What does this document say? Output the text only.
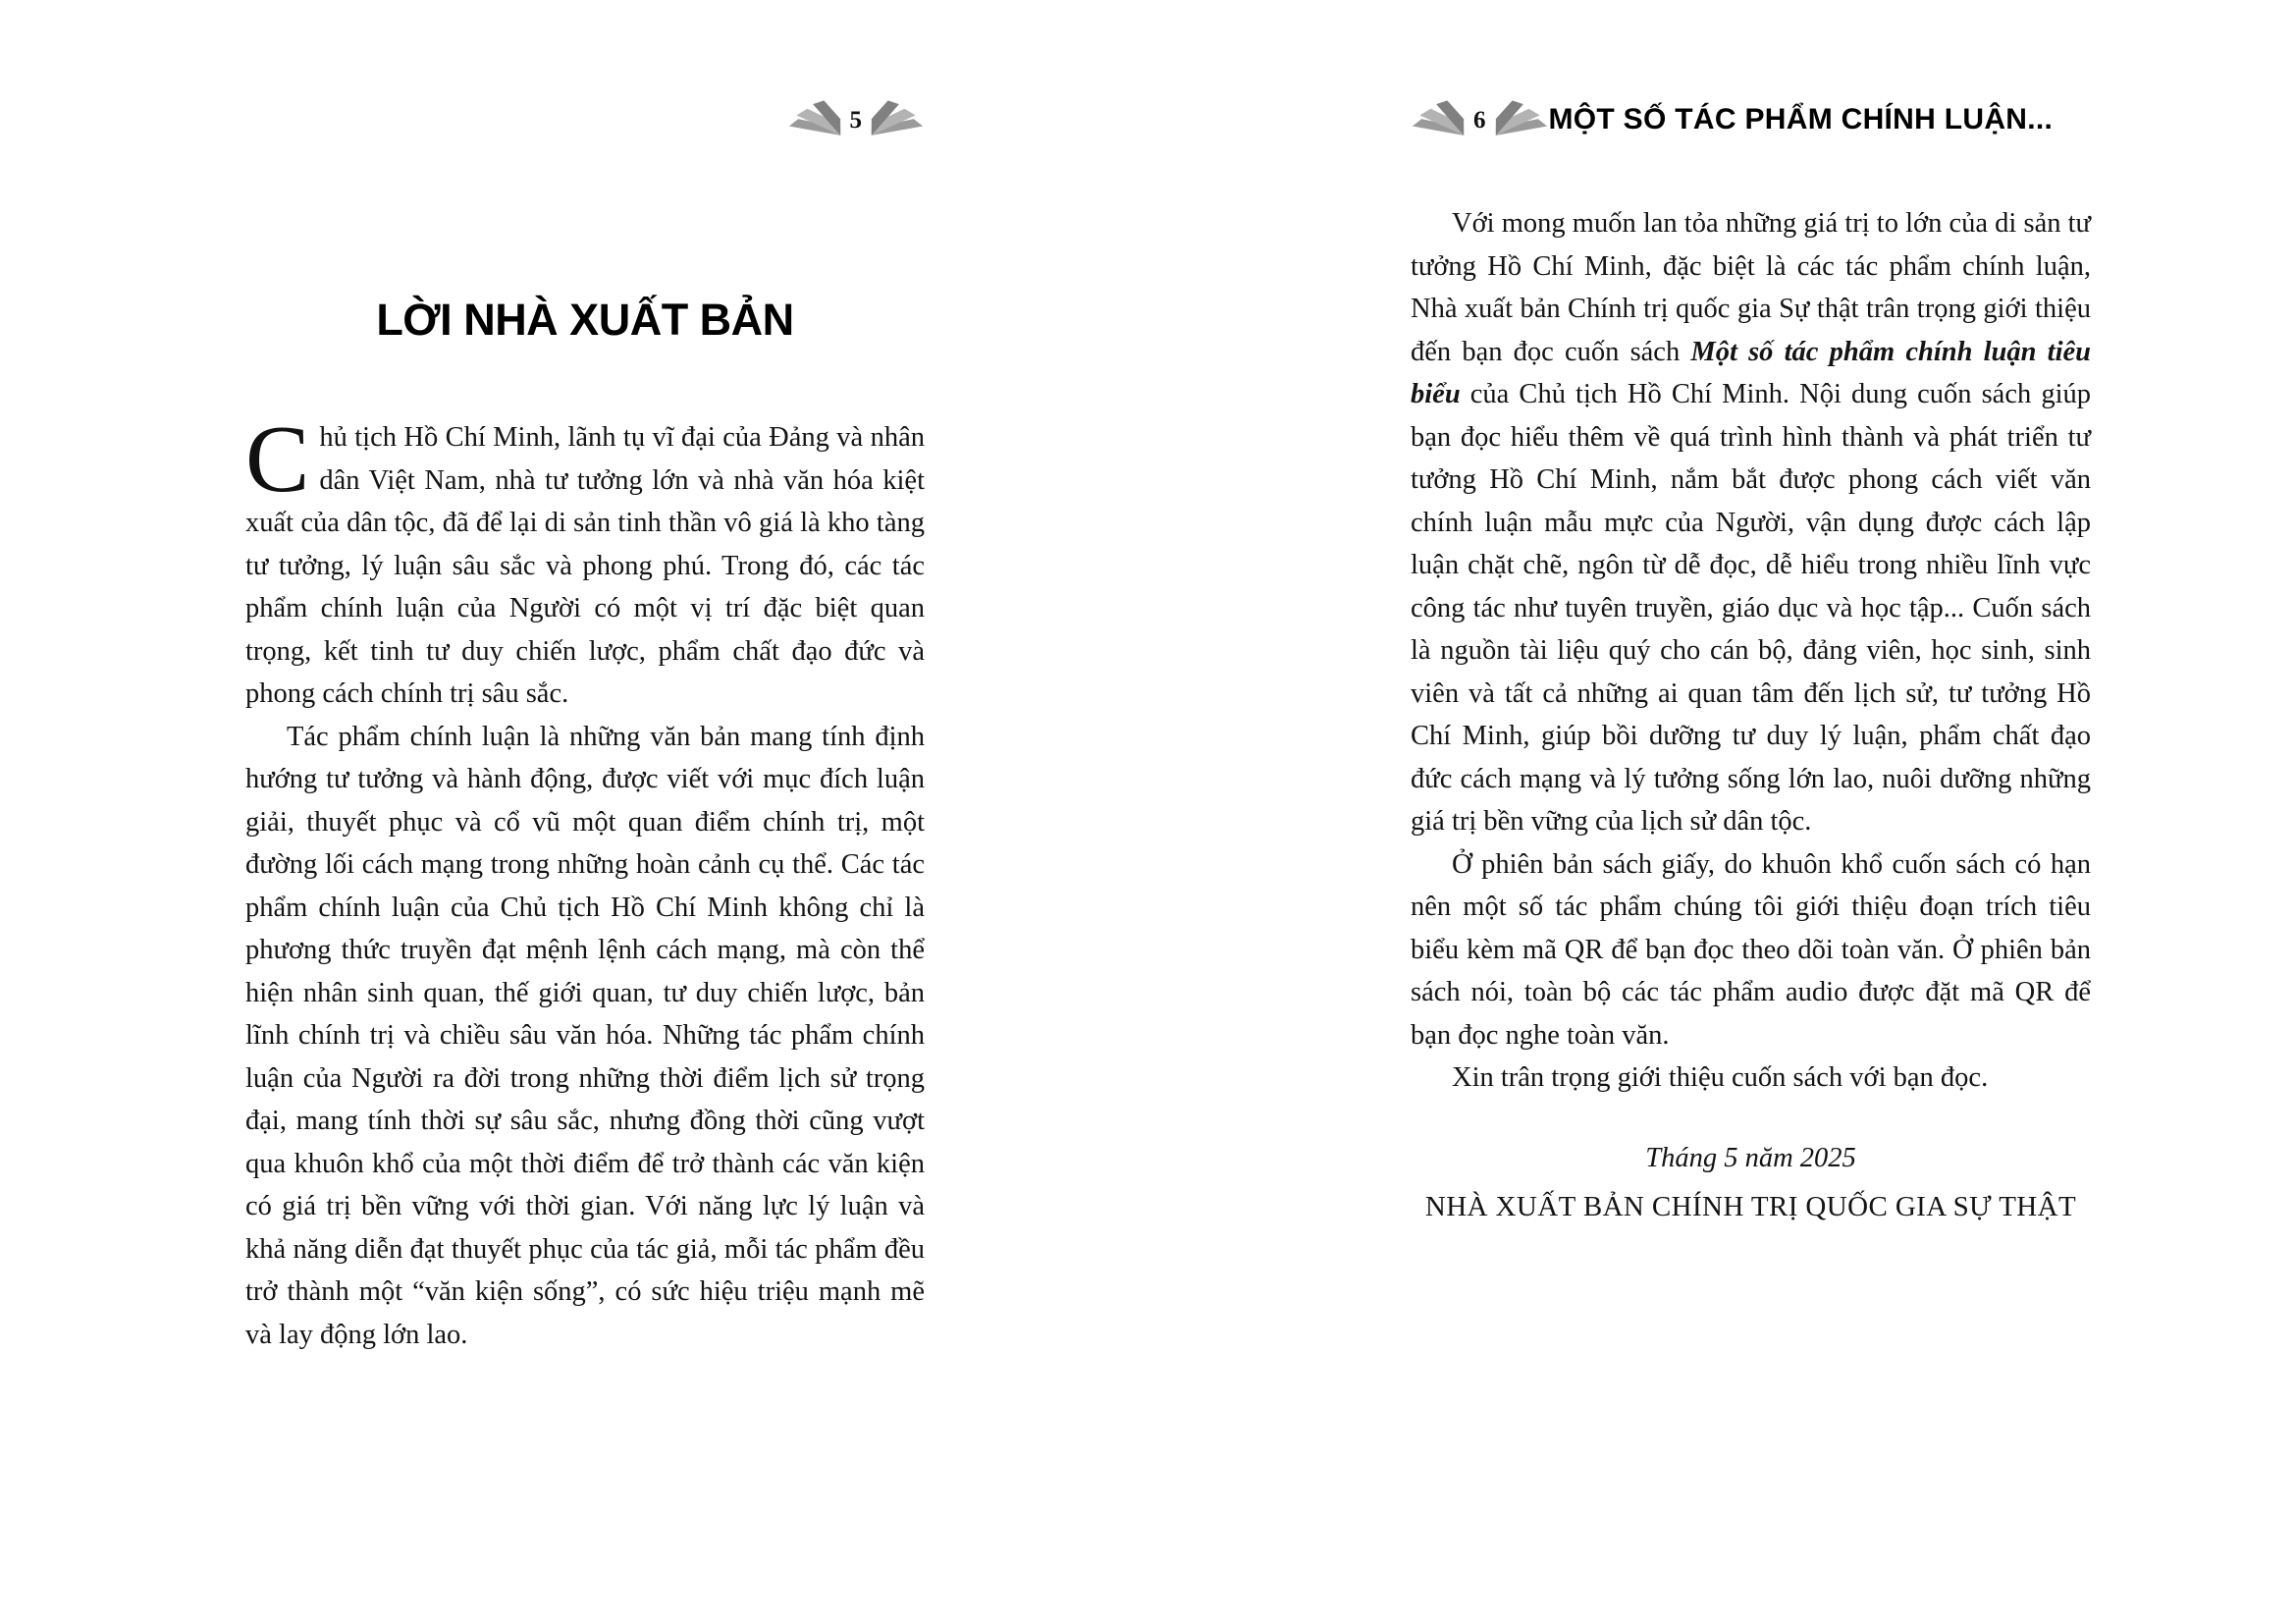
5
LỜI NHÀ XUẤT BẢN

Chủ tịch Hồ Chí Minh, lãnh tụ vĩ đại của Đảng và nhân dân Việt Nam, nhà tư tưởng lớn và nhà văn hóa kiệt xuất của dân tộc, đã để lại di sản tinh thần vô giá là kho tàng tư tưởng, lý luận sâu sắc và phong phú. Trong đó, các tác phẩm chính luận của Người có một vị trí đặc biệt quan trọng, kết tinh tư duy chiến lược, phẩm chất đạo đức và phong cách chính trị sâu sắc.

Tác phẩm chính luận là những văn bản mang tính định hướng tư tưởng và hành động, được viết với mục đích luận giải, thuyết phục và cổ vũ một quan điểm chính trị, một đường lối cách mạng trong những hoàn cảnh cụ thể. Các tác phẩm chính luận của Chủ tịch Hồ Chí Minh không chỉ là phương thức truyền đạt mệnh lệnh cách mạng, mà còn thể hiện nhân sinh quan, thế giới quan, tư duy chiến lược, bản lĩnh chính trị và chiều sâu văn hóa. Những tác phẩm chính luận của Người ra đời trong những thời điểm lịch sử trọng đại, mang tính thời sự sâu sắc, nhưng đồng thời cũng vượt qua khuôn khổ của một thời điểm để trở thành các văn kiện có giá trị bền vững với thời gian. Với năng lực lý luận và khả năng diễn đạt thuyết phục của tác giả, mỗi tác phẩm đều trở thành một “văn kiện sống”, có sức hiệu triệu mạnh mẽ và lay động lớn lao.

6 MỘT SỐ TÁC PHẨM CHÍNH LUẬN...

Với mong muốn lan tỏa những giá trị to lớn của di sản tư tưởng Hồ Chí Minh, đặc biệt là các tác phẩm chính luận, Nhà xuất bản Chính trị quốc gia Sự thật trân trọng giới thiệu đến bạn đọc cuốn sách Một số tác phẩm chính luận tiêu biểu của Chủ tịch Hồ Chí Minh. Nội dung cuốn sách giúp bạn đọc hiểu thêm về quá trình hình thành và phát triển tư tưởng Hồ Chí Minh, nắm bắt được phong cách viết văn chính luận mẫu mực của Người, vận dụng được cách lập luận chặt chẽ, ngôn từ dễ đọc, dễ hiểu trong nhiều lĩnh vực công tác như tuyên truyền, giáo dục và học tập... Cuốn sách là nguồn tài liệu quý cho cán bộ, đảng viên, học sinh, sinh viên và tất cả những ai quan tâm đến lịch sử, tư tưởng Hồ Chí Minh, giúp bồi dưỡng tư duy lý luận, phẩm chất đạo đức cách mạng và lý tưởng sống lớn lao, nuôi dưỡng những giá trị bền vững của lịch sử dân tộc.

Ở phiên bản sách giấy, do khuôn khổ cuốn sách có hạn nên một số tác phẩm chúng tôi giới thiệu đoạn trích tiêu biểu kèm mã QR để bạn đọc theo dõi toàn văn. Ở phiên bản sách nói, toàn bộ các tác phẩm audio được đặt mã QR để bạn đọc nghe toàn văn.

Xin trân trọng giới thiệu cuốn sách với bạn đọc.

Tháng 5 năm 2025

NHÀ XUẤT BẢN CHÍNH TRỊ QUỐC GIA SỰ THẬT
